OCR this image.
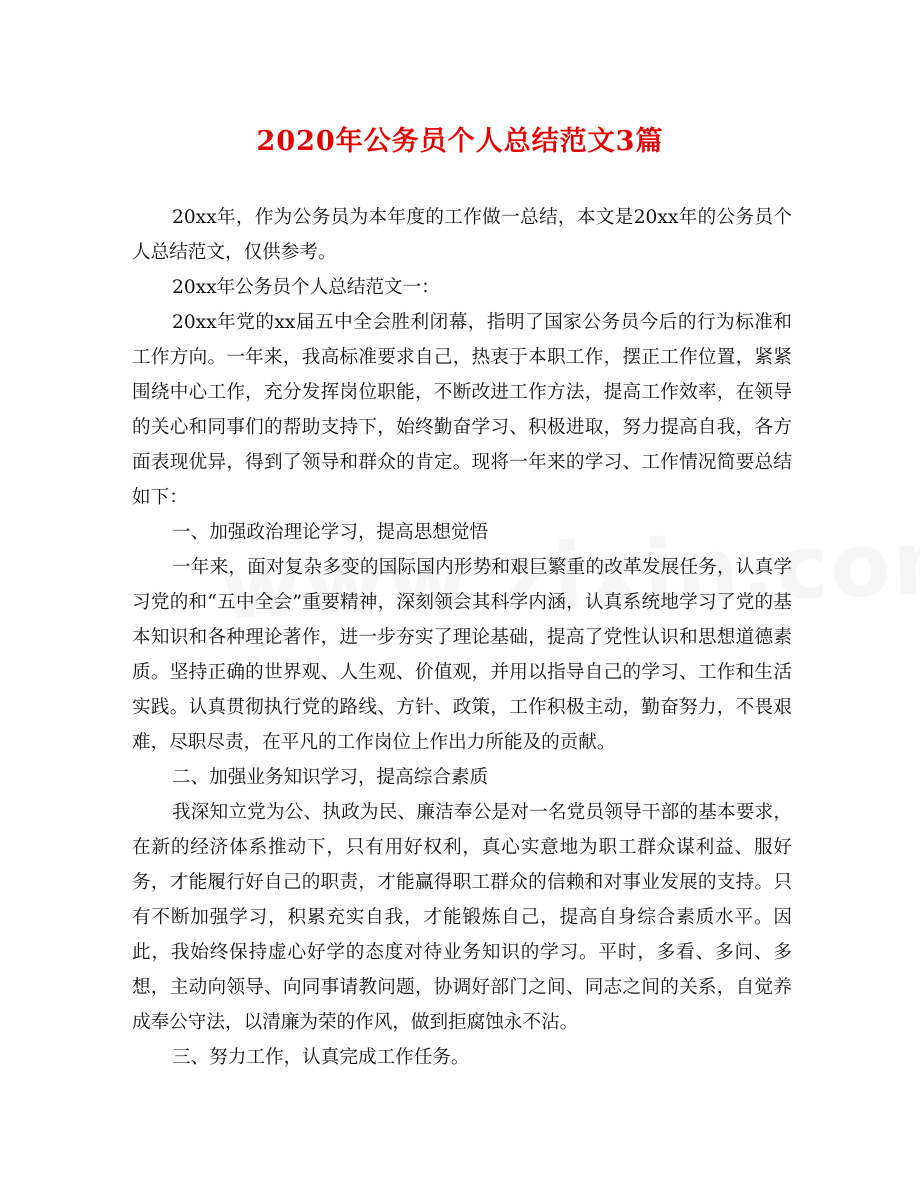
2020年公务员个人总结范文3篇

20xx年，作为公务员为本年度的工作做一总结，本文是20xx年的公务员个人总结范文，仅供参考。

20xx年公务员个人总结范文一：

20xx年党的xx届五中全会胜利闭幕，指明了国家公务员今后的行为标准和工作方向。一年来，我高标准要求自己，热衷于本职工作，摆正工作位置，紧紧围绕中心工作，充分发挥岗位职能，不断改进工作方法，提高工作效率，在领导的关心和同事们的帮助支持下，始终勤奋学习、积极进取，努力提高自我，各方面表现优异，得到了领导和群众的肯定。现将一年来的学习、工作情况简要总结如下：

一、加强政治理论学习，提高思想觉悟

一年来，面对复杂多变的国际国内形势和艰巨繁重的改革发展任务，认真学习党的和“五中全会”重要精神，深刻领会其科学内涵，认真系统地学习了党的基本知识和各种理论著作，进一步夯实了理论基础，提高了党性认识和思想道德素质。坚持正确的世界观、人生观、价值观，并用以指导自己的学习、工作和生活实践。认真贯彻执行党的路线、方针、政策，工作积极主动，勤奋努力，不畏艰难，尽职尽责，在平凡的工作岗位上作出力所能及的贡献。

二、加强业务知识学习，提高综合素质

我深知立党为公、执政为民、廉洁奉公是对一名党员领导干部的基本要求，在新的经济体系推动下，只有用好权利，真心实意地为职工群众谋利益、服好务，才能履行好自己的职责，才能赢得职工群众的信赖和对事业发展的支持。只有不断加强学习，积累充实自我，才能锻炼自己，提高自身综合素质水平。因此，我始终保持虚心好学的态度对待业务知识的学习。平时，多看、多问、多想，主动向领导、向同事请教问题，协调好部门之间、同志之间的关系，自觉养成奉公守法，以清廉为荣的作风，做到拒腐蚀永不沾。

三、努力工作，认真完成工作任务。
